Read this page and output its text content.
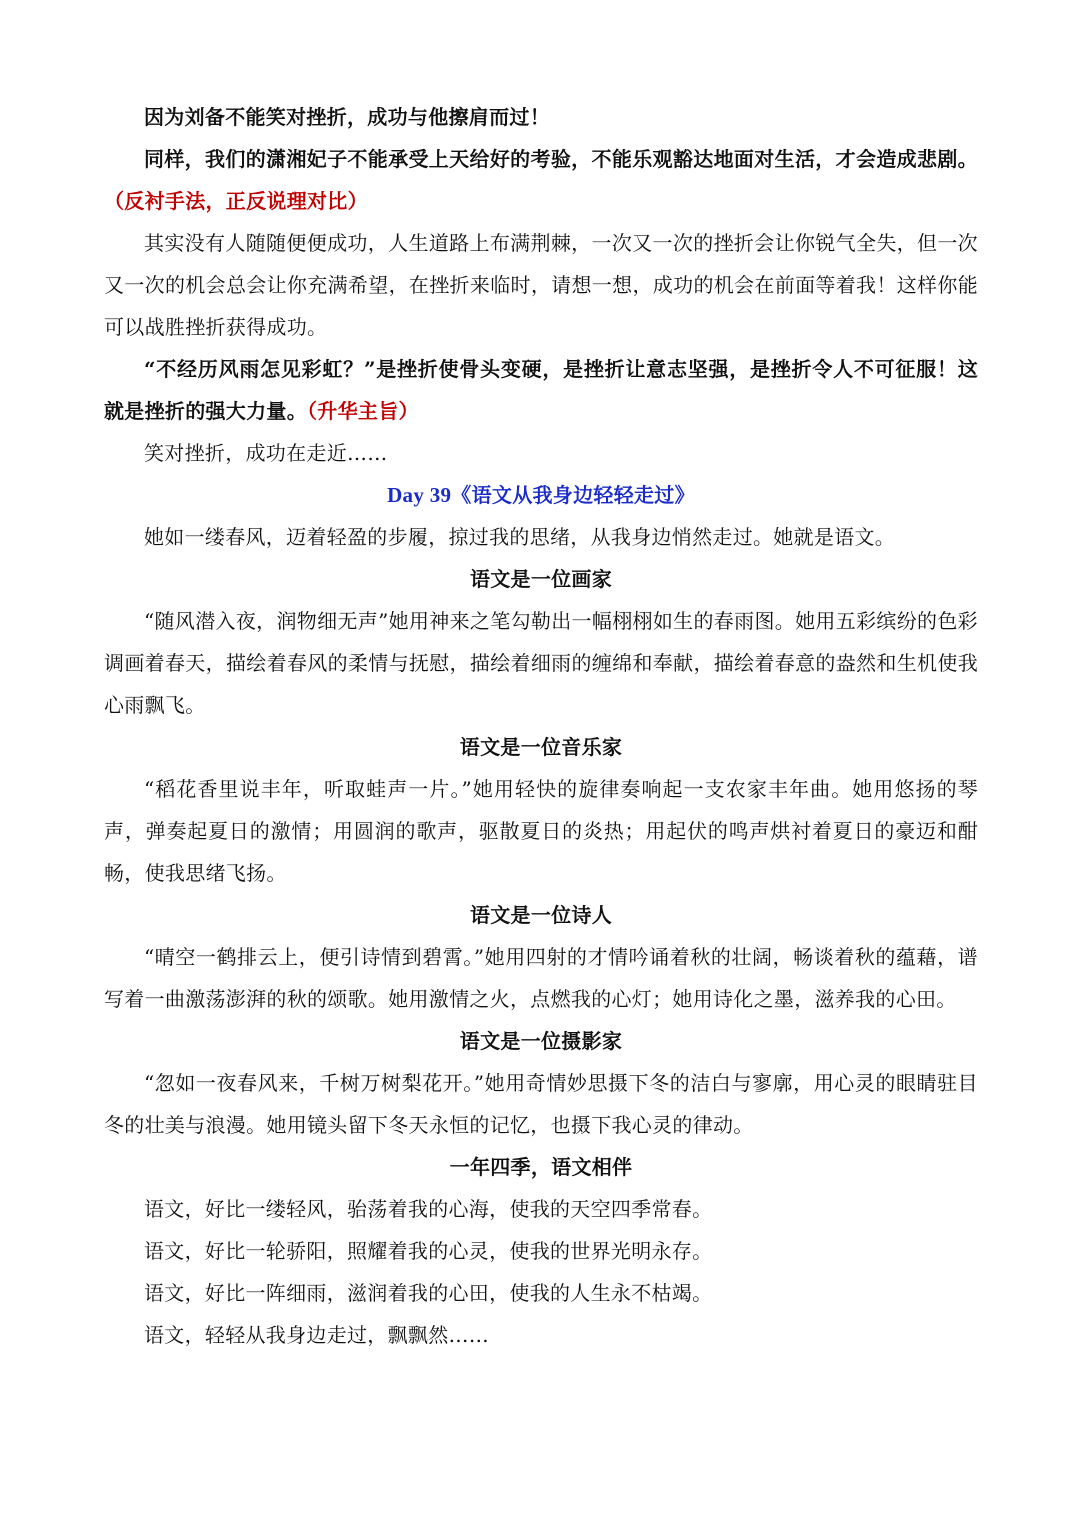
因为刘备不能笑对挫折，成功与他擦肩而过！

同样，我们的潇湘妃子不能承受上天给好的考验，不能乐观豁达地面对生活，才会造成悲剧。（反衬手法，正反说理对比）

其实没有人随随便便成功，人生道路上布满荆棘，一次又一次的挫折会让你锐气全失，但一次又一次的机会总会让你充满希望，在挫折来临时，请想一想，成功的机会在前面等着我！这样你能可以战胜挫折获得成功。

“不经历风雨怎见彩虹？”是挫折使骨头变硬，是挫折让意志坚强，是挫折令人不可征服！这就是挫折的强大力量。（升华主旨）

笑对挫折，成功在走近……

Day 39《语文从我身边轻轻走过》

她如一缕春风，迈着轻盈的步履，掠过我的思绪，从我身边悄然走过。她就是语文。

语文是一位画家

“随风潜入夜，润物细无声”她用神来之笔勾勒出一幅栩栩如生的春雨图。她用五彩缤纷的色彩调画着春天，描绘着春风的柔情与抚慰，描绘着细雨的缠绵和奉献，描绘着春意的盎然和生机使我心雨飘飞。

语文是一位音乐家

“稻花香里说丰年，听取蛙声一片。”她用轻快的旋律奏响起一支农家丰年曲。她用悠扬的琴声，弹奏起夏日的激情；用圆润的歌声，驱散夏日的炎热；用起伏的鸣声烘衬着夏日的豪迈和酣畅，使我思绪飞扬。

语文是一位诗人

“晴空一鹤排云上，便引诗情到碧霄。”她用四射的才情吟诵着秋的壮阔，畅谈着秋的蕴藉，谱写着一曲激荡澎湃的秋的颂歌。她用激情之火，点燃我的心灯；她用诗化之墨，滋养我的心田。

语文是一位摄影家

“忽如一夜春风来，千树万树梨花开。”她用奇情妙思摄下冬的洁白与寥廓，用心灵的眼睛驻目冬的壮美与浪漫。她用镜头留下冬天永恒的记忆，也摄下我心灵的律动。

一年四季，语文相伴

语文，好比一缕轻风，骀荡着我的心海，使我的天空四季常春。

语文，好比一轮骄阳，照耀着我的心灵，使我的世界光明永存。

语文，好比一阵细雨，滋润着我的心田，使我的人生永不枯竭。

语文，轻轻从我身边走过，飘飘然……
